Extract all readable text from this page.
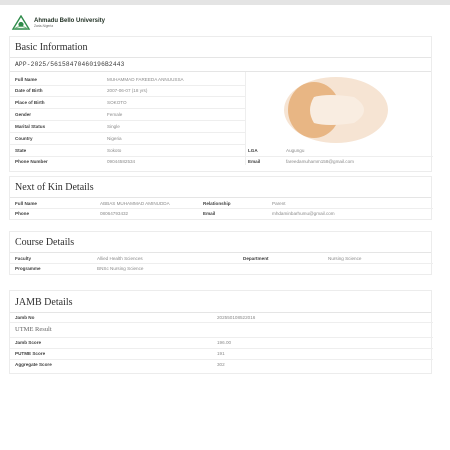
Ahmadu Bello University
Zaria-Nigeria
Basic Information
APP-2025/56158470460196B2443
Full Name	MUHAMMAD FAREEDA ANNUUSSA
Date of Birth	2007-06-07 (18 yrs)
Place of Birth	SOKOTO
Gender	Female
Marital Status	Single
Country	Nigeria
State	Sokoto	LGA	Augungu
Phone Number	09044582534	Email	fareedamuhamm158@gmail.com
Next of Kin Details
Full Name	ABBAS MUHAMMAD AMINUDDA	Relationship	Parent
Phone	08064793432	Email	mhdaminbarhumu@gmail.com
Course Details
Faculty	Allied Health Sciences	Department	Nursing Science
Programme	BNSc Nursing Science
JAMB Details
Jamb No	202550108522016
UTME Result
Jamb Score	196.00
PUTME Score	191
Aggregate Score	302
